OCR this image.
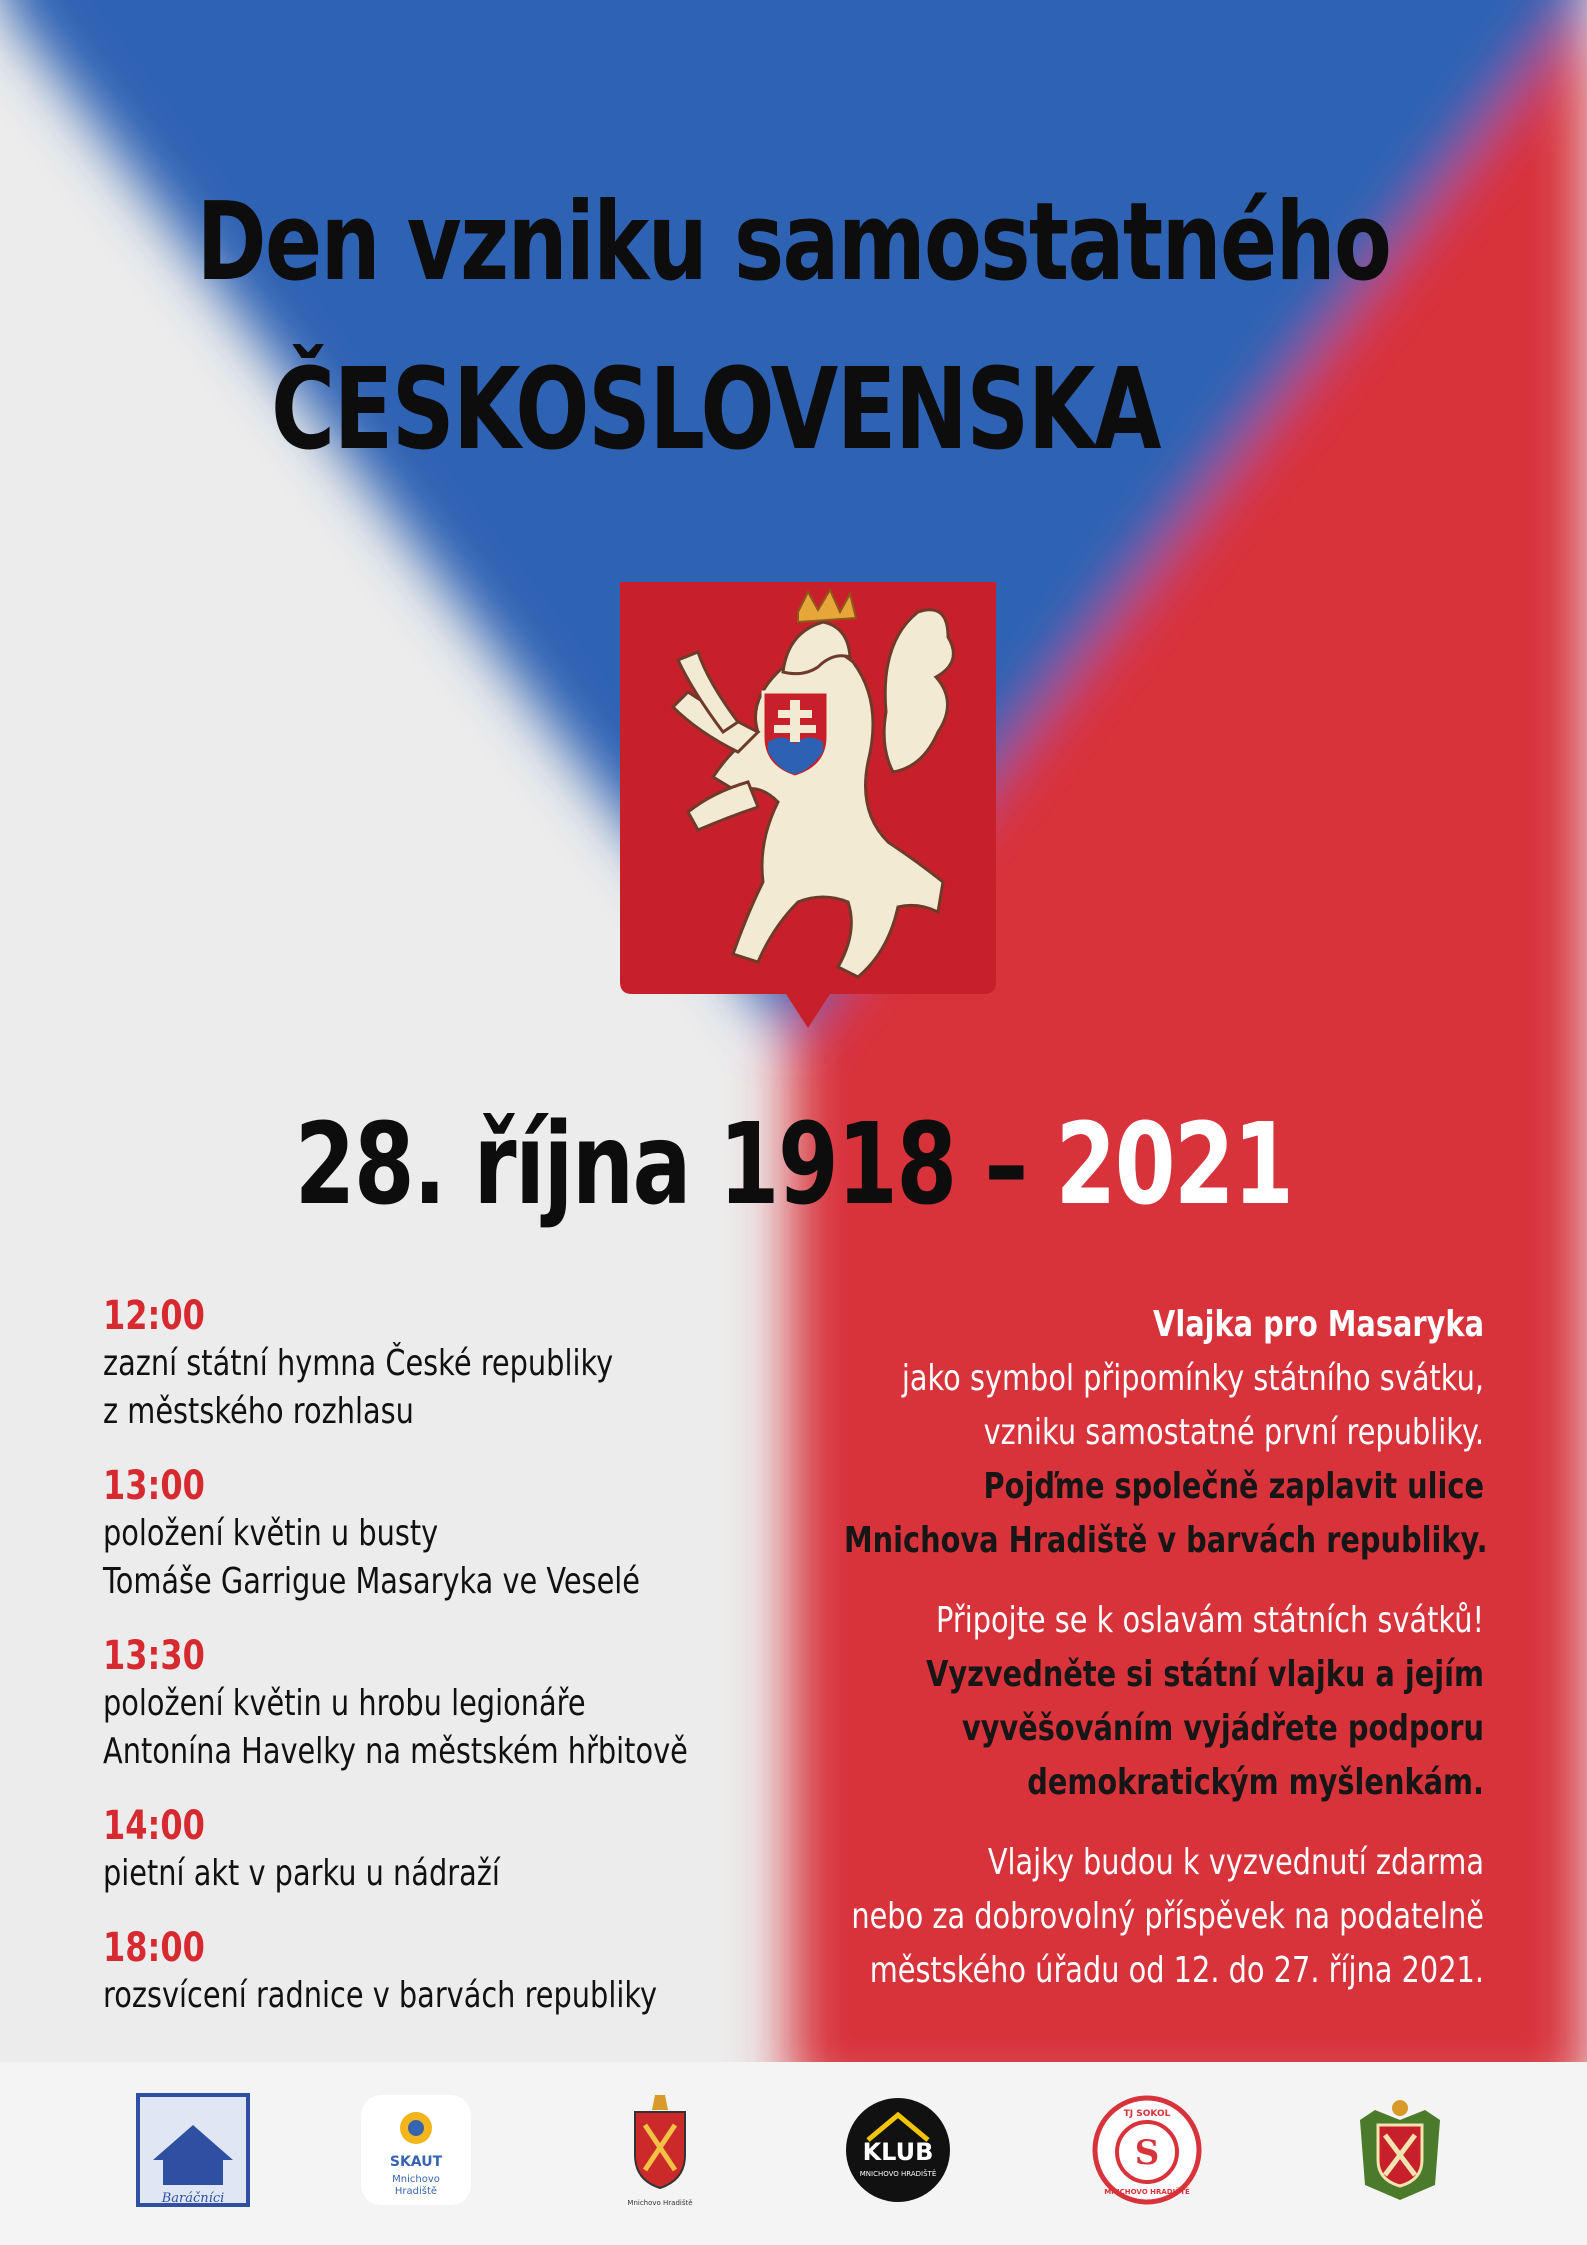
Den vzniku samostatného
ČESKOSLOVENSKA
28. října 1918 – 2021
12:00
zazní státní hymna České republiky
z městského rozhlasu
13:00
položení květin u busty
Tomáše Garrigue Masaryka ve Veselé
13:30
položení květin u hrobu legionáře
Antonína Havelky na městském hřbitově
14:00
pietní akt v parku u nádraží
18:00
rozsvícení radnice v barvách republiky

Vlajka pro Masaryka
jako symbol připomínky státního svátku,
vzniku samostatné první republiky.
Pojďme společně zaplavit ulice
Mnichova Hradiště v barvách republiky.

Připojte se k oslavám státních svátků!
Vyzvedněte si státní vlajku a jejím
vyvěšováním vyjádřete podporu
demokratickým myšlenkám.

Vlajky budou k vyzvednutí zdarma
nebo za dobrovolný příspěvek na podatelně
městského úřadu od 12. do 27. října 2021.

Baráčníci
SKAUT
Mnichovo
Hradiště
Mnichovo Hradiště
KLUB
MNICHOVO HRADIŠTĚ
S
TJ SOKOL
MNICHOVO HRADIŠTĚ
